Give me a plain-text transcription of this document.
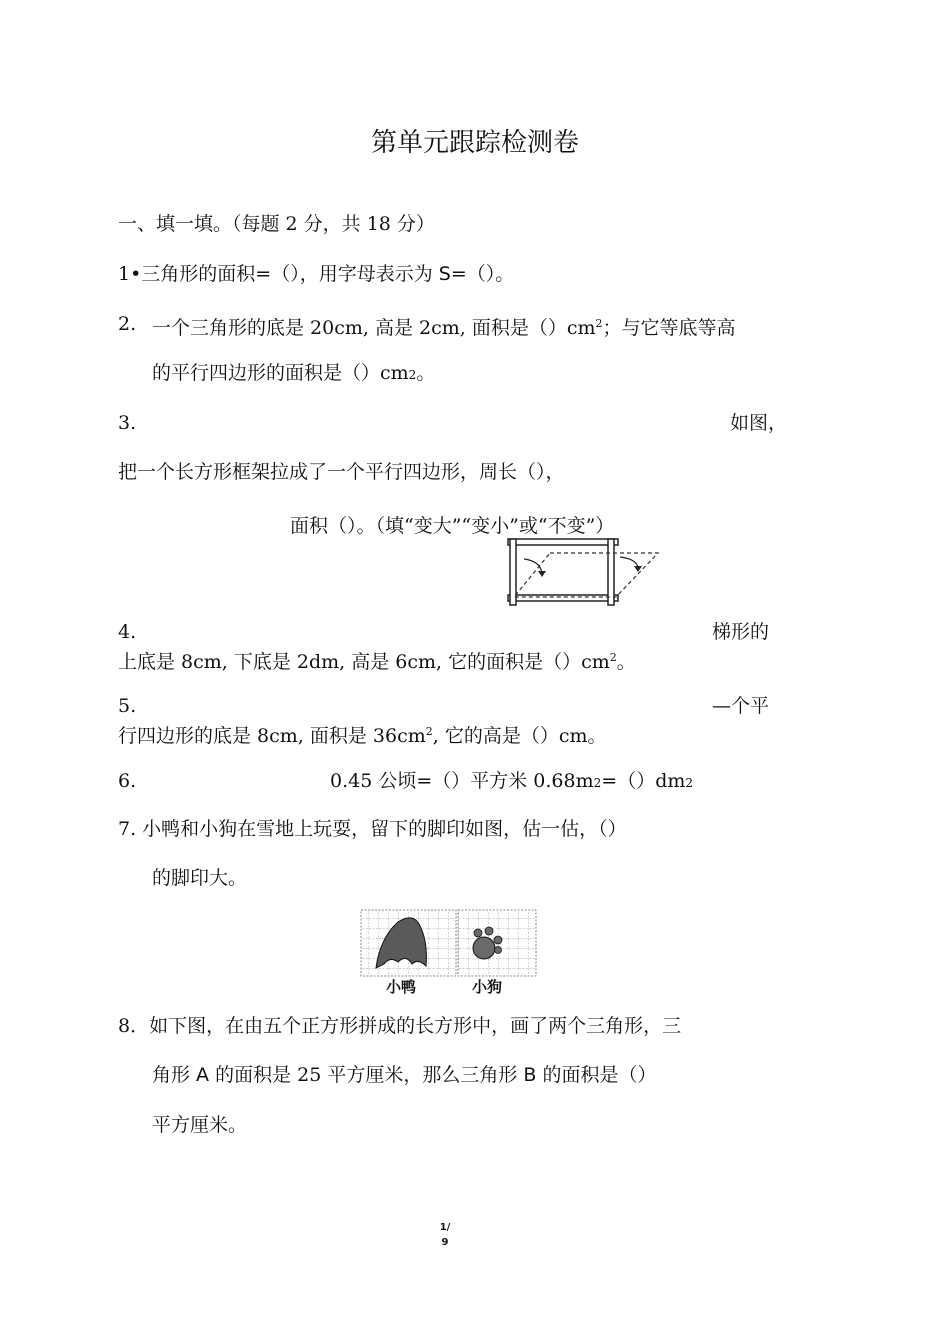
第单元跟踪检测卷
一、填一填。（每题 2 分，共 18 分）
1•三角形的面积=（），用字母表示为 S=（）。
2. 一个三角形的底是 20cm, 高是 2cm, 面积是$()cm^2$；与它等底等高
的平行四边形的面积是（）cm2。
3.	如图，
把一个长方形框架拉成了一个平行四边形，周长（），
面积（）。（填“变大”“变小”或“不变”）
4.	梯形的
上底是 8cm, 下底是 2dm, 高是 6cm, 它的面积是$()cm^2$。
5.	—个平
行四边形的底是 8cm, 面积是 $36cm^2$, 它的高是（）cm。
6.	0.45 公顷=（）平方米 0.68m2=（）dm2
7. 小鸭和小狗在雪地上玩耍，留下的脚印如图，估一估，（）
的脚印大。
小鸭	小狗
8．如下图，在由五个正方形拼成的长方形中，画了两个三角形，三
角形 A 的面积是 25 平方厘米，那么三角形 B 的面积是（）
平方厘米。
1/
9
